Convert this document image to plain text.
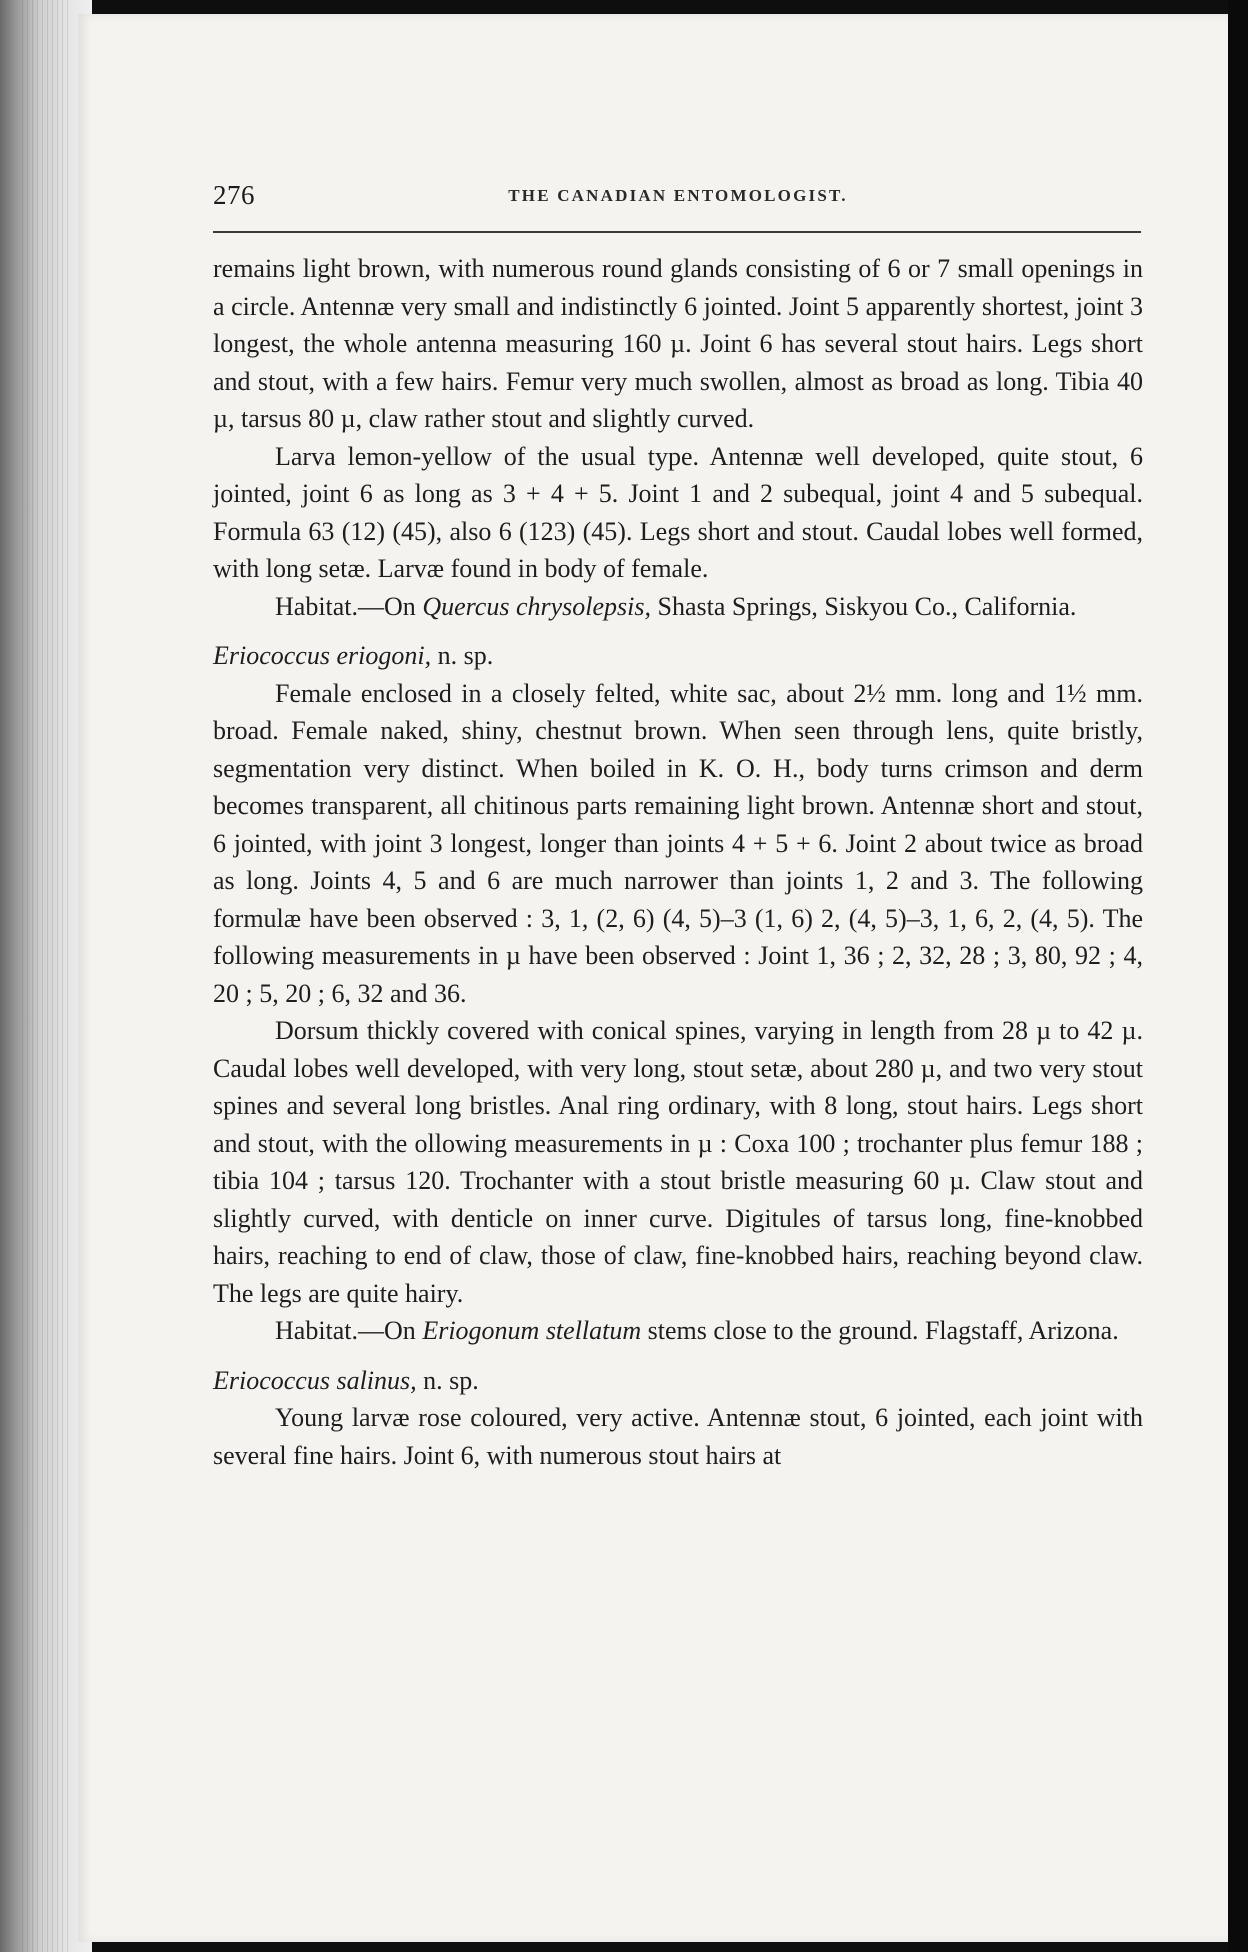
276	THE CANADIAN ENTOMOLOGIST.

remains light brown, with numerous round glands consisting of 6 or 7 small openings in a circle. Antennæ very small and indistinctly 6 jointed. Joint 5 apparently shortest, joint 3 longest, the whole antenna measuring 160 µ. Joint 6 has several stout hairs. Legs short and stout, with a few hairs. Femur very much swollen, almost as broad as long. Tibia 40 µ, tarsus 80 µ, claw rather stout and slightly curved.

Larva lemon-yellow of the usual type. Antennæ well developed, quite stout, 6 jointed, joint 6 as long as 3 + 4 + 5. Joint 1 and 2 subequal, joint 4 and 5 subequal. Formula 63 (12) (45), also 6 (123) (45). Legs short and stout. Caudal lobes well formed, with long setæ. Larvæ found in body of female.

Habitat.—On Quercus chrysolepsis, Shasta Springs, Siskyou Co., California.

Eriococcus eriogoni, n. sp.

Female enclosed in a closely felted, white sac, about 2½ mm. long and 1½ mm. broad. Female naked, shiny, chestnut brown. When seen through lens, quite bristly, segmentation very distinct. When boiled in K. O. H., body turns crimson and derm becomes transparent, all chitinous parts remaining light brown. Antennæ short and stout, 6 jointed, with joint 3 longest, longer than joints 4 + 5 + 6. Joint 2 about twice as broad as long. Joints 4, 5 and 6 are much narrower than joints 1, 2 and 3. The following formulæ have been observed : 3, 1, (2, 6) (4, 5)–3 (1, 6) 2, (4, 5)–3, 1, 6, 2, (4, 5). The following measurements in µ have been observed : Joint 1, 36 ; 2, 32, 28 ; 3, 80, 92 ; 4, 20 ; 5, 20 ; 6, 32 and 36.

Dorsum thickly covered with conical spines, varying in length from 28 µ to 42 µ. Caudal lobes well developed, with very long, stout setæ, about 280 µ, and two very stout spines and several long bristles. Anal ring ordinary, with 8 long, stout hairs. Legs short and stout, with the ollowing measurements in µ : Coxa 100 ; trochanter plus femur 188 ; tibia 104 ; tarsus 120. Trochanter with a stout bristle measuring 60 µ. Claw stout and slightly curved, with denticle on inner curve. Digitules of tarsus long, fine-knobbed hairs, reaching to end of claw, those of claw, fine-knobbed hairs, reaching beyond claw. The legs are quite hairy.

Habitat.—On Eriogonum stellatum stems close to the ground. Flagstaff, Arizona.

Eriococcus salinus, n. sp.

Young larvæ rose coloured, very active. Antennæ stout, 6 jointed, each joint with several fine hairs. Joint 6, with numerous stout hairs at
